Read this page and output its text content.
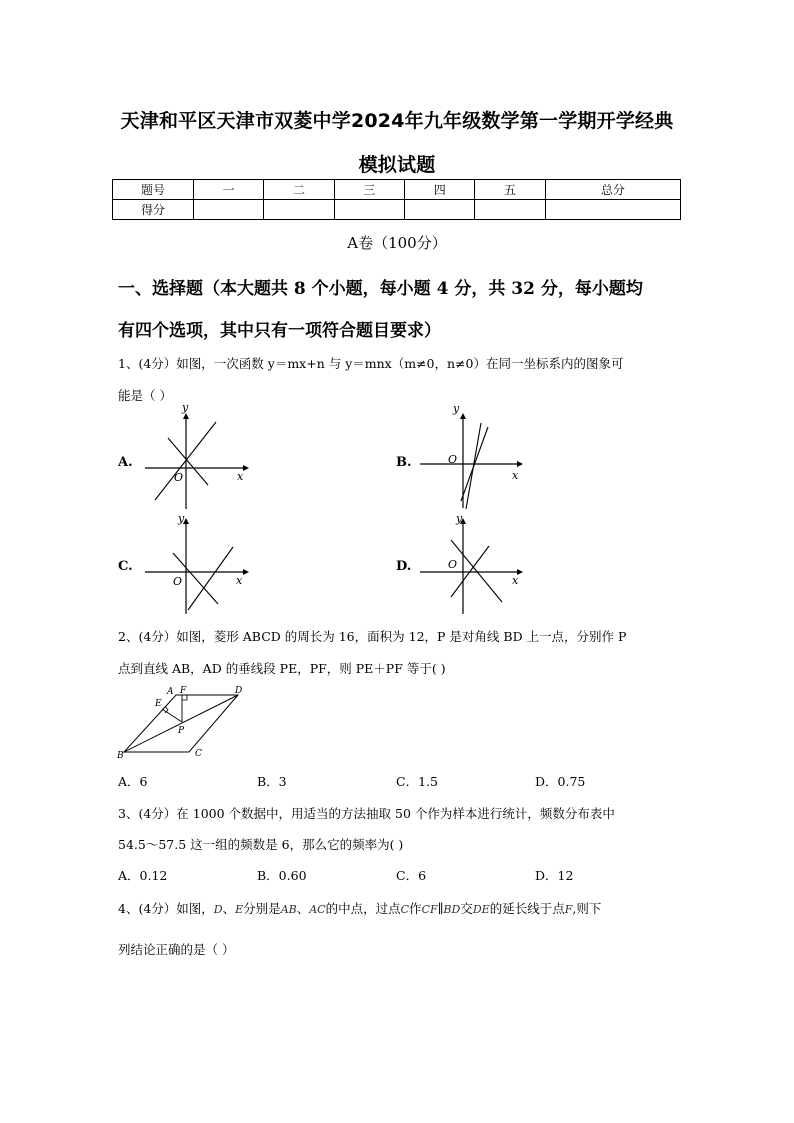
天津和平区天津市双菱中学2024年九年级数学第一学期开学经典
模拟试题
题号	一	二	三	四	五	总分
得分						
A卷（100分）
一、选择题（本大题共 8 个小题，每小题 4 分，共 32 分，每小题均
有四个选项，其中只有一项符合题目要求）
1、(4分）如图，一次函数 y＝mx+n 与 y＝mnx（m≠0，n≠0）在同一坐标系内的图象可
能是（ ）
A.	B.
C.	D.
y
x
O
y
x
O
y
x
O
y
x
O
2、(4分）如图，菱形 ABCD 的周长为 16，面积为 12，P 是对角线 BD 上一点，分别作 P
点到直线 AB，AD 的垂线段 PE，PF，则 PE＋PF 等于( )
A F	D
E
P
B	C
A．6	B．3	C．1.5	D．0.75
3、(4分）在 1000 个数据中，用适当的方法抽取 50 个作为样本进行统计，频数分布表中
54.5～57.5 这一组的频数是 6，那么它的频率为( )
A．0.12	B．0.60	C．6	D．12
4、(4分）如图，D、E分别是AB、AC的中点，过点C作CF∥BD交DE的延长线于点F,则下
列结论正确的是（ ）
